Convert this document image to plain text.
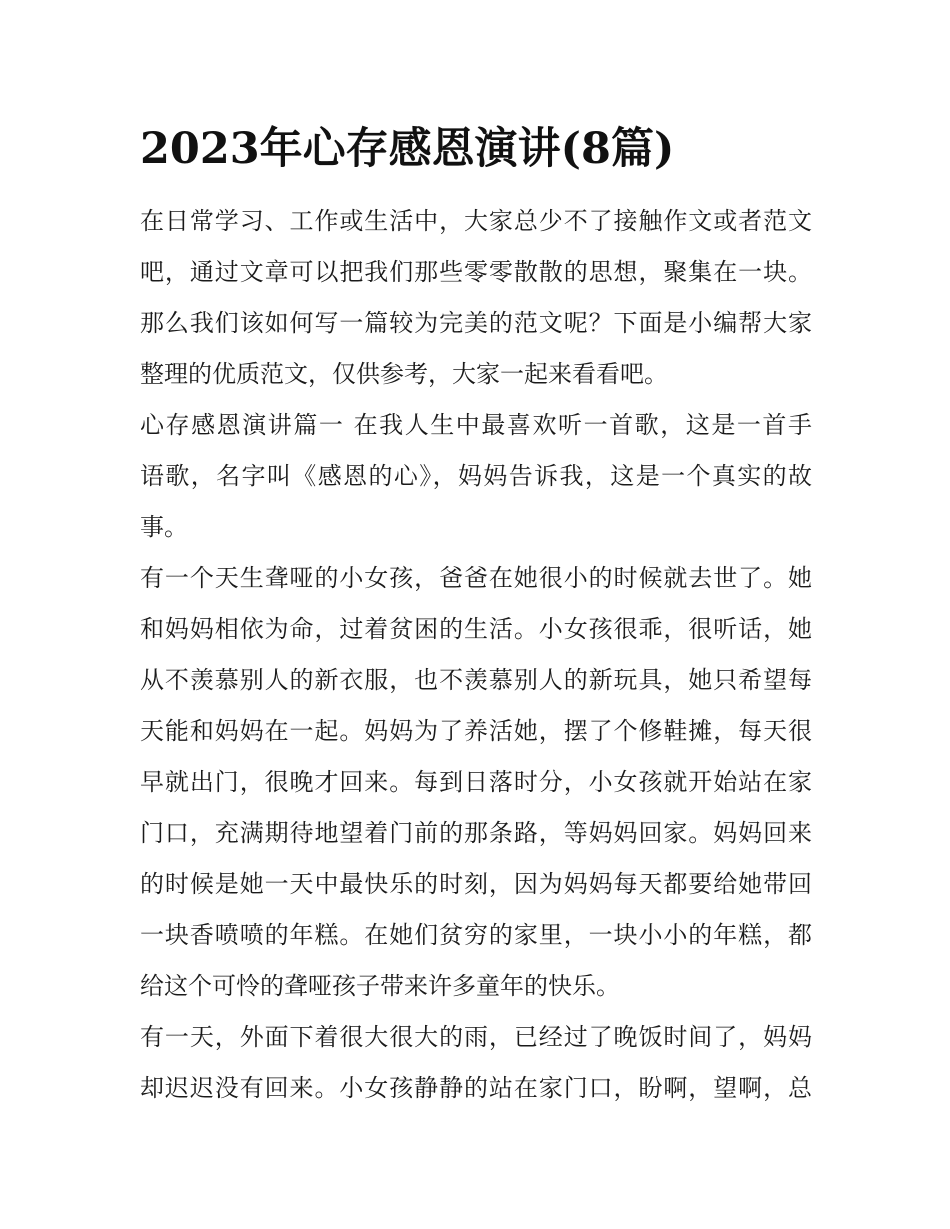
2023年心存感恩演讲(8篇)
在日常学习、工作或生活中，大家总少不了接触作文或者范文
吧，通过文章可以把我们那些零零散散的思想，聚集在一块。
那么我们该如何写一篇较为完美的范文呢？下面是小编帮大家
整理的优质范文，仅供参考，大家一起来看看吧。
心存感恩演讲篇一 在我人生中最喜欢听一首歌，这是一首手
语歌，名字叫《感恩的心》，妈妈告诉我，这是一个真实的故
事。
有一个天生聋哑的小女孩，爸爸在她很小的时候就去世了。她
和妈妈相依为命，过着贫困的生活。小女孩很乖，很听话，她
从不羡慕别人的新衣服，也不羡慕别人的新玩具，她只希望每
天能和妈妈在一起。妈妈为了养活她，摆了个修鞋摊，每天很
早就出门，很晚才回来。每到日落时分，小女孩就开始站在家
门口，充满期待地望着门前的那条路，等妈妈回家。妈妈回来
的时候是她一天中最快乐的时刻，因为妈妈每天都要给她带回
一块香喷喷的年糕。在她们贫穷的家里，一块小小的年糕，都
给这个可怜的聋哑孩子带来许多童年的快乐。
有一天，外面下着很大很大的雨，已经过了晚饭时间了，妈妈
却迟迟没有回来。小女孩静静的站在家门口，盼啊，望啊，总
